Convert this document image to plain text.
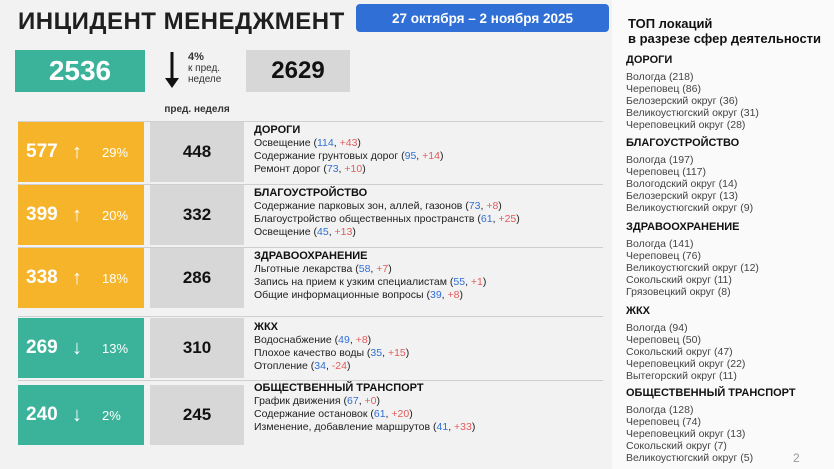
ИНЦИДЕНТ МЕНЕДЖМЕНТ	27 октября – 2 ноября 2025
2536	4%
к пред.
неделе	2629
пред. неделя
577 ↑	29%	448
ДОРОГИ
Освещение (114, +43)
Содержание грунтовых дорог (95, +14)
Ремонт дорог (73, +10)
399 ↑	20%	332
БЛАГОУСТРОЙСТВО
Содержание парковых зон, аллей, газонов (73, +8)
Благоустройство общественных пространств (61, +25)
Освещение (45, +13)
338 ↑	18%	286
ЗДРАВООХРАНЕНИЕ
Льготные лекарства (58, +7)
Запись на прием к узким специалистам (55, +1)
Общие информационные вопросы (39, +8)
269 ↓	13%	310
ЖКХ
Водоснабжение (49, +8)
Плохое качество воды (35, +15)
Отопление (34, -24)
240 ↓	2%	245
ОБЩЕСТВЕННЫЙ ТРАНСПОРТ
График движения (67, +0)
Содержание остановок (61, +20)
Изменение, добавление маршрутов (41, +33)
ТОП локаций
в разрезе сфер деятельности
ДОРОГИ
Вологда (218)
Череповец (86)
Белозерский округ (36)
Великоустюгский округ (31)
Череповецкий округ (28)
БЛАГОУСТРОЙСТВО
Вологда (197)
Череповец (117)
Вологодский округ (14)
Белозерский округ (13)
Великоустюгский округ (9)
ЗДРАВООХРАНЕНИЕ
Вологда (141)
Череповец (76)
Великоустюгский округ (12)
Сокольский округ (11)
Грязовецкий округ (8)
ЖКХ
Вологда (94)
Череповец (50)
Сокольский округ (47)
Череповецкий округ (22)
Вытегорский округ (11)
ОБЩЕСТВЕННЫЙ ТРАНСПОРТ
Вологда (128)
Череповец (74)
Череповецкий округ (13)
Сокольский округ (7)
Великоустюгский округ (5)	2
